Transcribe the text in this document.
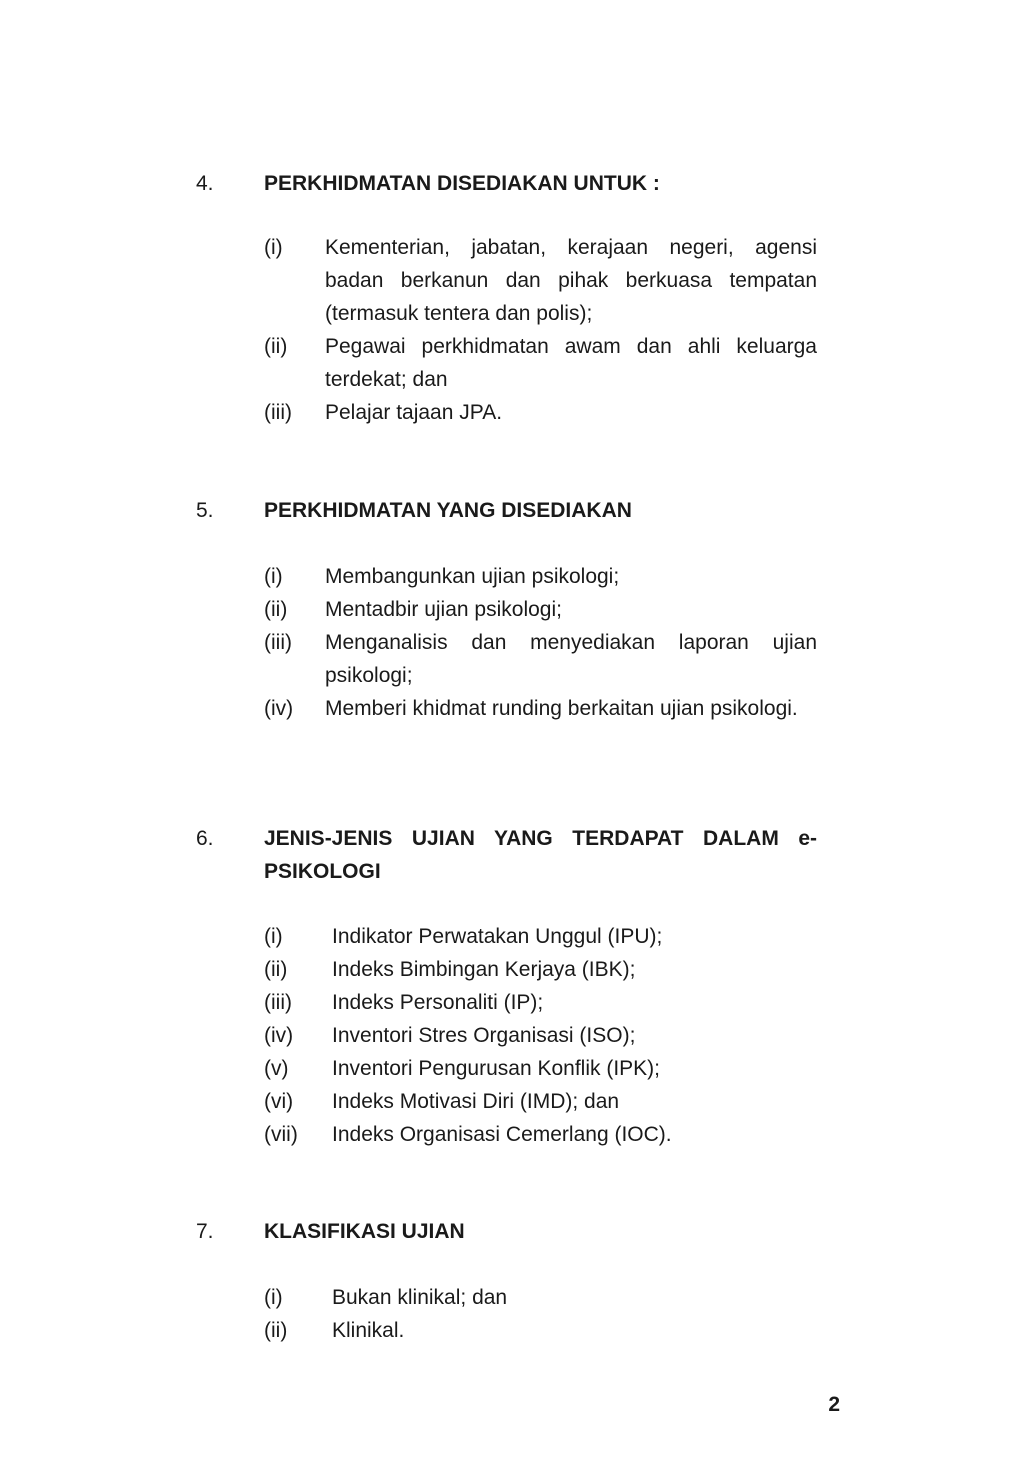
4. PERKHIDMATAN DISEDIAKAN UNTUK :
(i)	Kementerian, jabatan, kerajaan negeri, agensi badan berkanun dan pihak berkuasa tempatan (termasuk tentera dan polis);
(ii)	Pegawai perkhidmatan awam dan ahli keluarga terdekat; dan
(iii)	Pelajar tajaan JPA.
5. PERKHIDMATAN YANG DISEDIAKAN
(i)	Membangunkan ujian psikologi;
(ii)	Mentadbir ujian psikologi;
(iii)	Menganalisis dan menyediakan laporan ujian psikologi;
(iv)	Memberi khidmat runding berkaitan ujian psikologi.
6. JENIS-JENIS UJIAN YANG TERDAPAT DALAM e-PSIKOLOGI
(i)	Indikator Perwatakan Unggul (IPU);
(ii)	Indeks Bimbingan Kerjaya (IBK);
(iii)	Indeks Personaliti (IP);
(iv)	Inventori Stres Organisasi (ISO);
(v)	Inventori Pengurusan Konflik (IPK);
(vi)	Indeks Motivasi Diri (IMD); dan
(vii)	Indeks Organisasi Cemerlang (IOC).
7. KLASIFIKASI UJIAN
(i)	Bukan klinikal; dan
(ii)	Klinikal.
2
